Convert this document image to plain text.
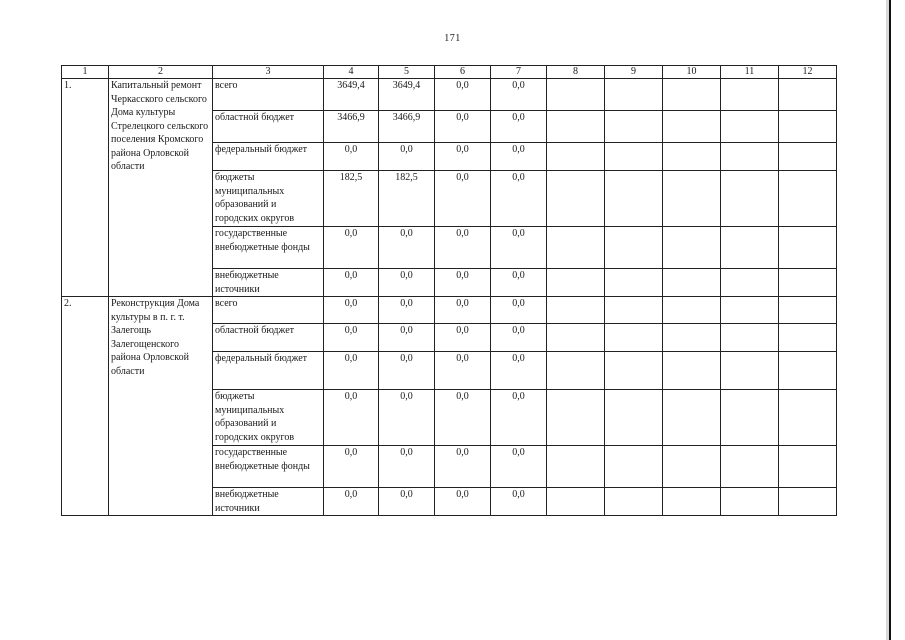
171
1	2	3	4	5	6	7	8	9	10	11	12
1.	Капитальный ремонт Черкасского сельского Дома культуры Стрелецкого сельского поселения Кромского района Орловской области	всего	3649,4	3649,4	0,0	0,0					
		областной бюджет	3466,9	3466,9	0,0	0,0					
		федеральный бюджет	0,0	0,0	0,0	0,0					
		бюджеты муниципальных образований и городских округов	182,5	182,5	0,0	0,0					
		государственные внебюджетные фонды	0,0	0,0	0,0	0,0					
		внебюджетные источники	0,0	0,0	0,0	0,0					
2.	Реконструкция Дома культуры в п. г. т. Залегощь Залегощенского района Орловской области	всего	0,0	0,0	0,0	0,0					
		областной бюджет	0,0	0,0	0,0	0,0					
		федеральный бюджет	0,0	0,0	0,0	0,0					
		бюджеты муниципальных образований и городских округов	0,0	0,0	0,0	0,0					
		государственные внебюджетные фонды	0,0	0,0	0,0	0,0					
		внебюджетные источники	0,0	0,0	0,0	0,0					
